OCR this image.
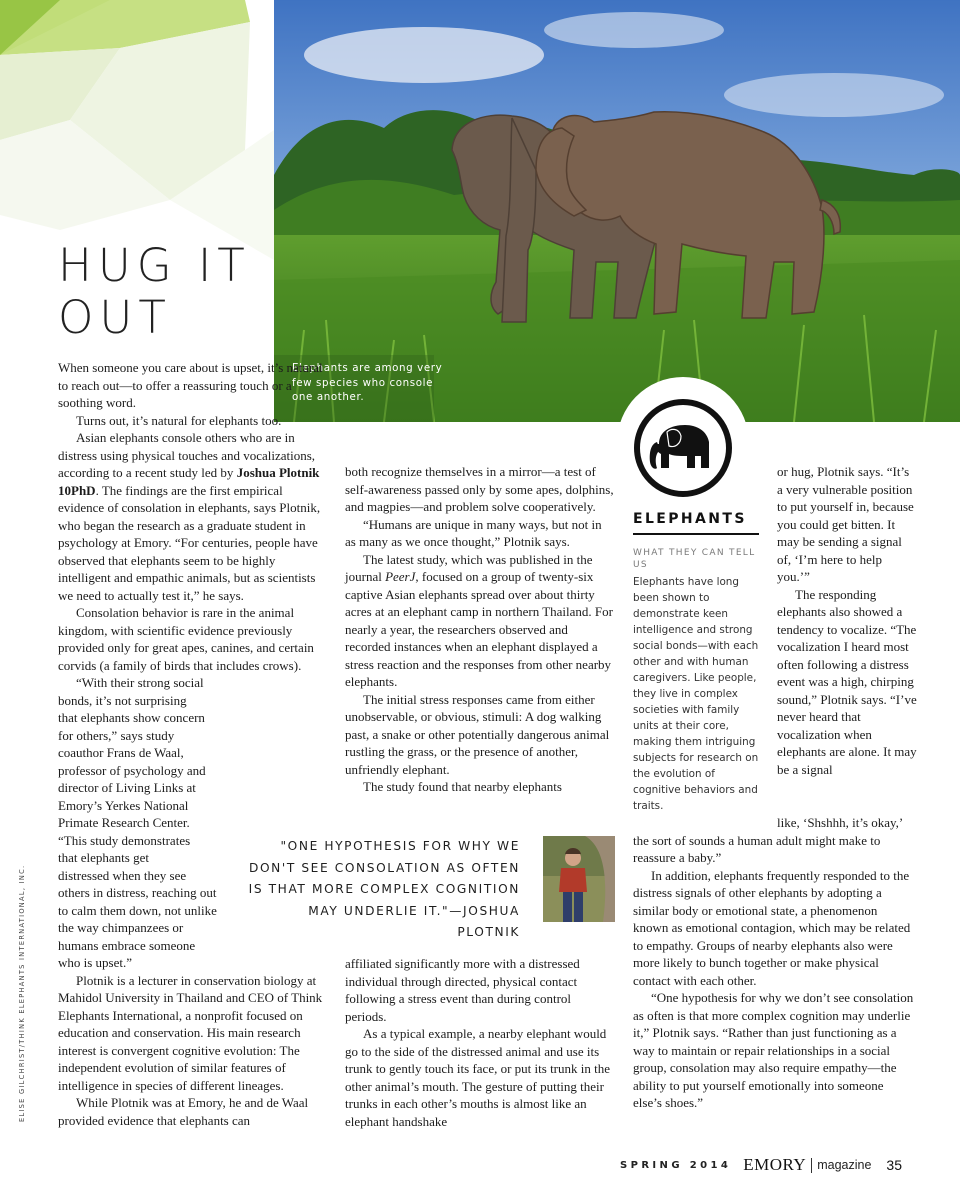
HUG IT
OUT
Elephants are among very few species who console one another.

When someone you care about is upset, it’s natural to reach out—to offer a reassuring touch or a soothing word.

Turns out, it’s natural for elephants too.

Asian elephants console others who are in distress using physical touches and vocalizations, according to a recent study led by Joshua Plotnik 10PhD. The findings are the first empirical evidence of consolation in elephants, says Plotnik, who began the research as a graduate student in psychology at Emory. “For centuries, people have observed that elephants seem to be highly intelligent and empathic animals, but as scientists we need to actually test it,” he says.

Consolation behavior is rare in the animal kingdom, with scientific evidence previously provided only for great apes, canines, and certain corvids (a family of birds that includes crows).

“With their strong social bonds, it’s not surprising that elephants show concern for others,” says study coauthor Frans de Waal, professor of psychology and director of Living Links at Emory’s Yerkes National Primate Research Center. “This study demonstrates that elephants get

distressed when they see others in distress, reaching out to calm them down, not unlike the way chimpanzees or humans embrace someone who is upset.”

Plotnik is a lecturer in conservation biology at Mahidol University in Thailand and CEO of Think Elephants International, a nonprofit focused on education and conservation. His main research interest is convergent cognitive evolution: The independent evolution of similar features of intelligence in species of different lineages.

While Plotnik was at Emory, he and de Waal provided evidence that elephants can

both recognize themselves in a mirror—a test of self-awareness passed only by some apes, dolphins, and magpies—and problem solve cooperatively.

“Humans are unique in many ways, but not in as many as we once thought,” Plotnik says.

The latest study, which was published in the journal PeerJ, focused on a group of twenty-six captive Asian elephants spread over about thirty acres at an elephant camp in northern Thailand. For nearly a year, the researchers observed and recorded instances when an elephant displayed a stress reaction and the responses from other nearby elephants.

The initial stress responses came from either unobservable, or obvious, stimuli: A dog walking past, a snake or other potentially dangerous animal rustling the grass, or the presence of another, unfriendly elephant.

The study found that nearby elephants

affiliated significantly more with a distressed individual through directed, physical contact following a stress event than during control periods.

As a typical example, a nearby elephant would go to the side of the distressed animal and use its trunk to gently touch its face, or put its trunk in the other animal’s mouth. The gesture of putting their trunks in each other’s mouths is almost like an elephant handshake

ELEPHANTS
WHAT THEY CAN TELL US
Elephants have long been shown to demonstrate keen intelligence and strong social bonds—with each other and with human caregivers. Like people, they live in complex societies with family units at their core, making them intriguing subjects for research on the evolution of cognitive behaviors and traits.

or hug, Plotnik says. “It’s a very vulnerable position to put yourself in, because you could get bitten. It may be sending a signal of, ‘I’m here to help you.’”

The responding elephants also showed a tendency to vocalize. “The vocalization I heard most often following a distress event was a high, chirping sound,” Plotnik says. “I’ve never heard that vocalization when elephants are alone. It may be a signal

like, ‘Shshhh, it’s okay,’ the sort of sounds a human adult might make to reassure a baby.”

In addition, elephants frequently responded to the distress signals of other elephants by adopting a similar body or emotional state, a phenomenon known as emotional contagion, which may be related to empathy. Groups of nearby elephants also were more likely to bunch together or make physical contact with each other.

“One hypothesis for why we don’t see consolation as often is that more complex cognition may underlie it,” Plotnik says. “Rather than just functioning as a way to maintain or repair relationships in a social group, consolation may also require empathy—the ability to put yourself emotionally into someone else’s shoes.”

"ONE HYPOTHESIS FOR WHY WE DON'T SEE CONSOLATION AS OFTEN IS THAT MORE COMPLEX COGNITION MAY UNDERLIE IT."—JOSHUA PLOTNIK
ELISE GILCHRIST/THINK ELEPHANTS INTERNATIONAL, INC.
SPRING 2014 EMORY magazine 35
